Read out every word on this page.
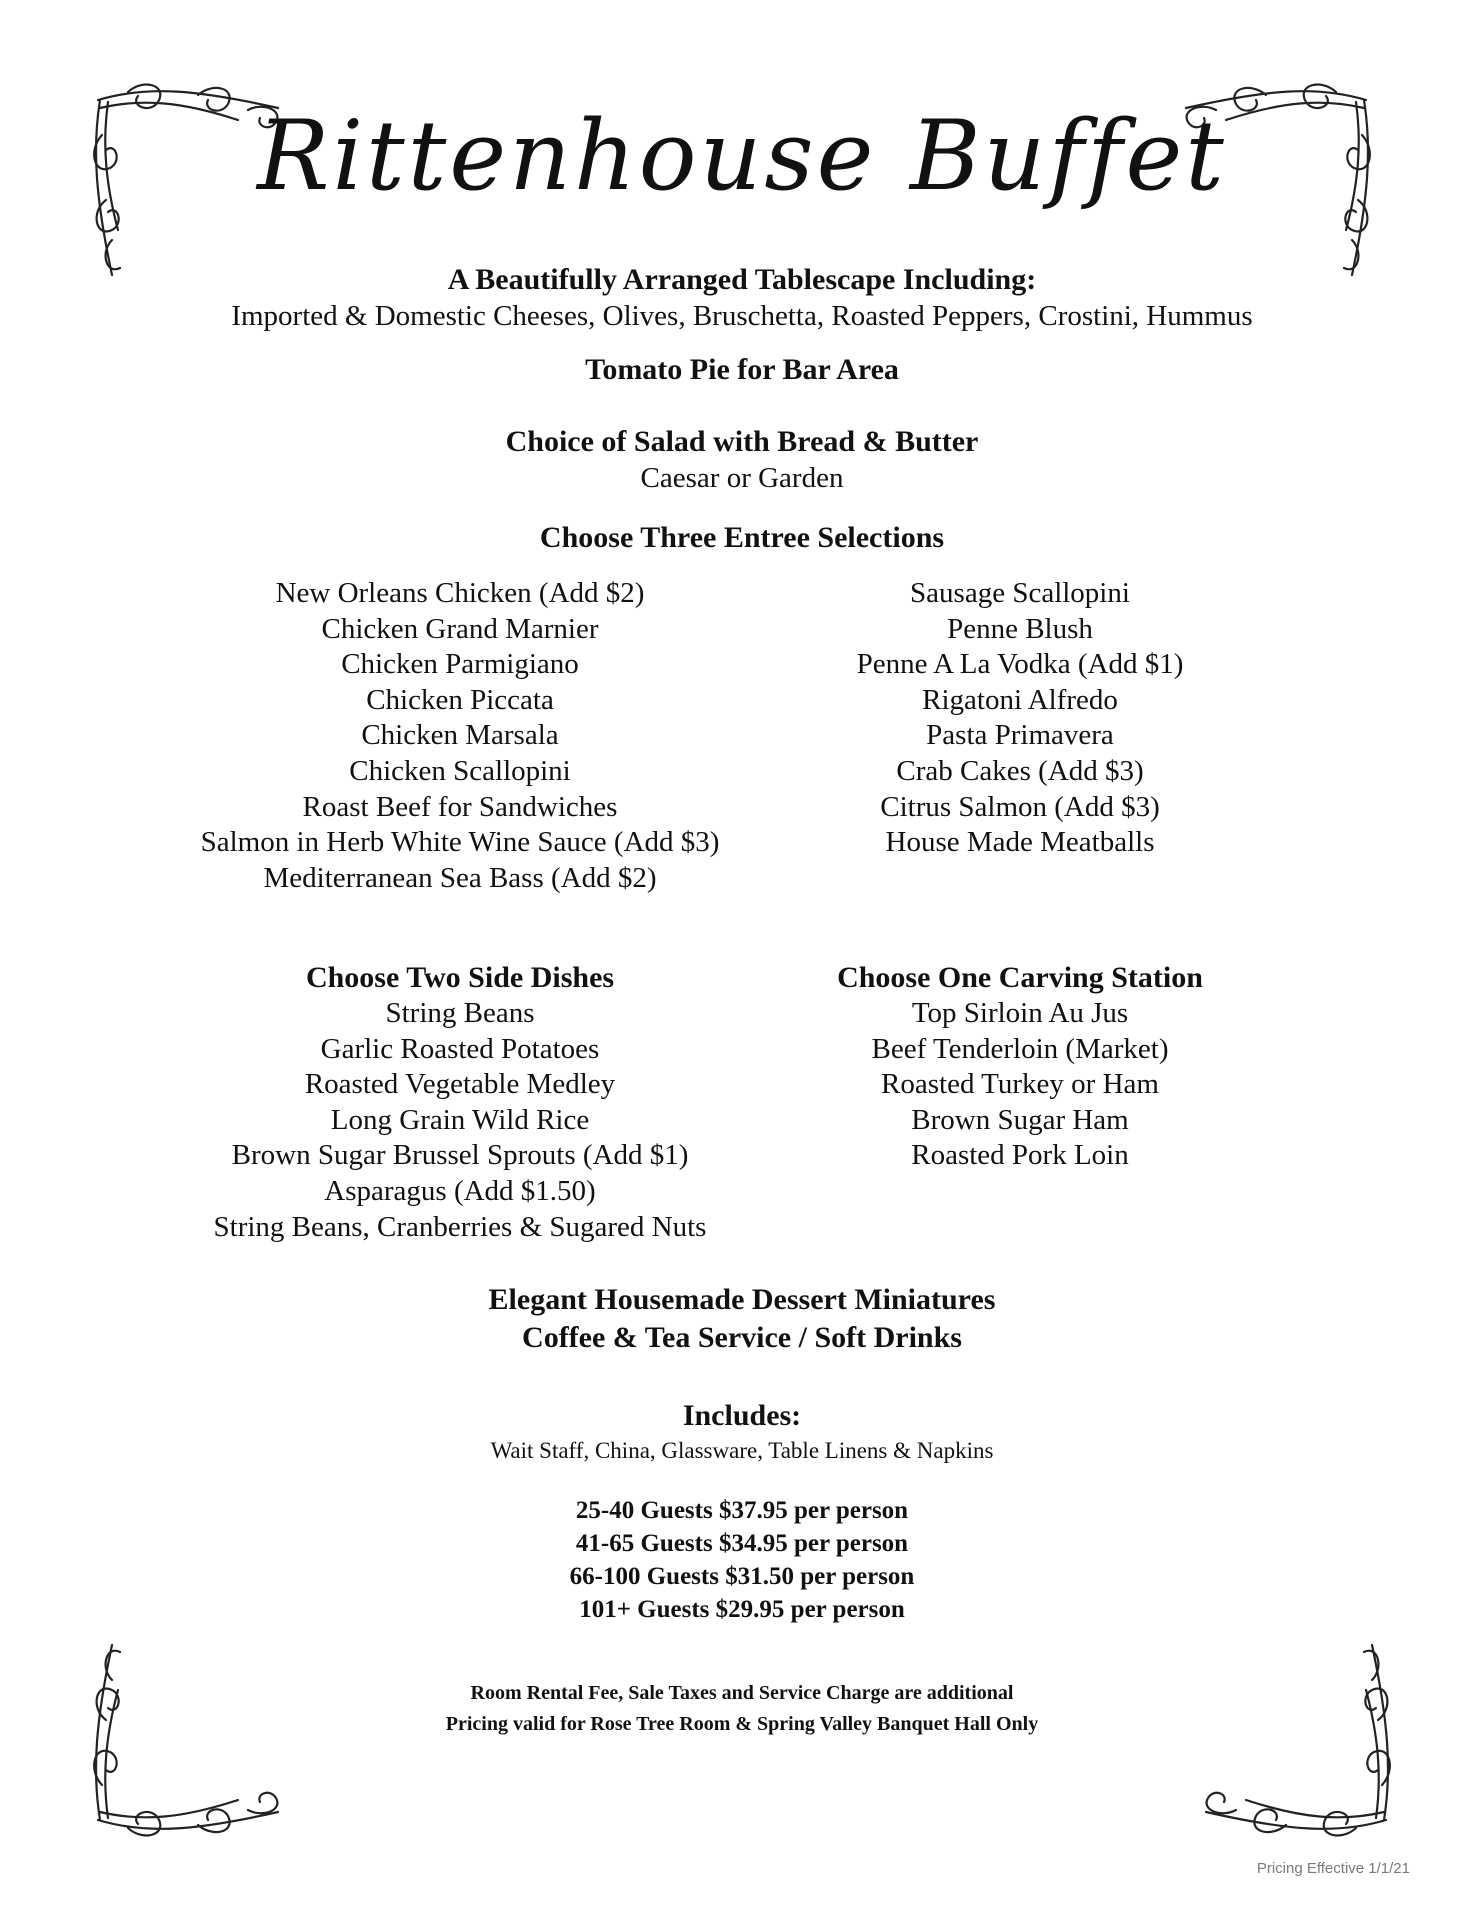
Rittenhouse Buffet
A Beautifully Arranged Tablescape Including:
Imported & Domestic Cheeses, Olives, Bruschetta, Roasted Peppers, Crostini, Hummus
Tomato Pie for Bar Area
Choice of Salad with Bread & Butter
Caesar or Garden
Choose Three Entree Selections
New Orleans Chicken (Add $2)
Chicken Grand Marnier
Chicken Parmigiano
Chicken Piccata
Chicken Marsala
Chicken Scallopini
Roast Beef for Sandwiches
Salmon in Herb White Wine Sauce (Add $3)
Mediterranean Sea Bass (Add $2)
Sausage Scallopini
Penne Blush
Penne A La Vodka (Add $1)
Rigatoni Alfredo
Pasta Primavera
Crab Cakes (Add $3)
Citrus Salmon (Add $3)
House Made Meatballs
Choose Two Side Dishes
String Beans
Garlic Roasted Potatoes
Roasted Vegetable Medley
Long Grain Wild Rice
Brown Sugar Brussel Sprouts (Add $1)
Asparagus (Add $1.50)
String Beans, Cranberries & Sugared Nuts
Choose One Carving Station
Top Sirloin Au Jus
Beef Tenderloin (Market)
Roasted Turkey or Ham
Brown Sugar Ham
Roasted Pork Loin
Elegant Housemade Dessert Miniatures
Coffee & Tea Service / Soft Drinks
Includes:
Wait Staff, China, Glassware, Table Linens & Napkins
25-40 Guests $37.95 per person
41-65 Guests $34.95 per person
66-100 Guests $31.50 per person
101+ Guests $29.95 per person
Room Rental Fee, Sale Taxes and Service Charge are additional
Pricing valid for Rose Tree Room & Spring Valley Banquet Hall Only
Pricing Effective 1/1/21
